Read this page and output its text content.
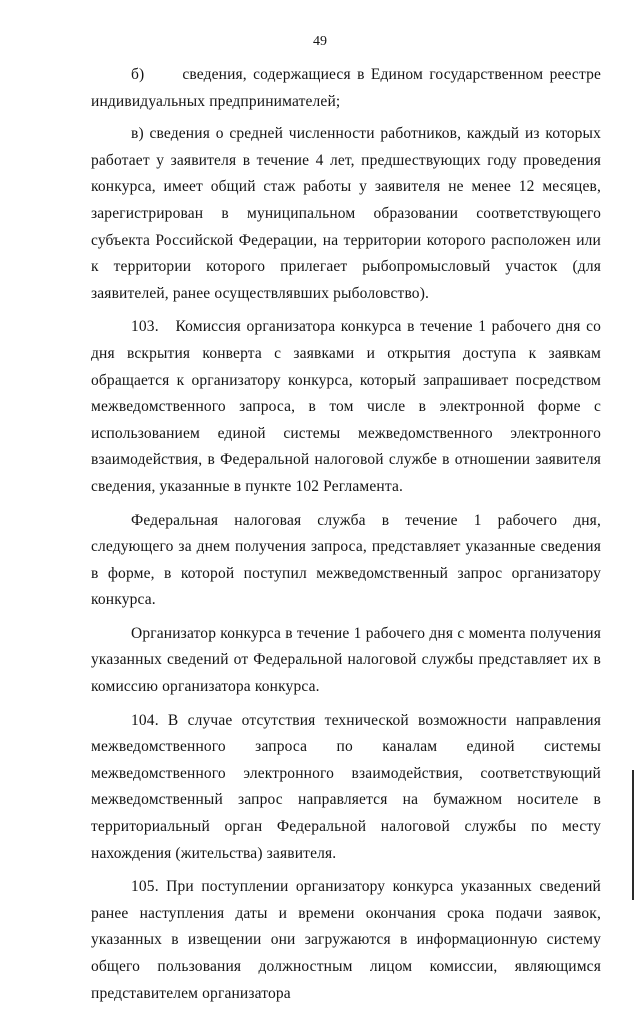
49

б)      сведения, содержащиеся в Едином государственном реестре индивидуальных предпринимателей;

в) сведения о средней численности работников, каждый из которых работает у заявителя в течение 4 лет, предшествующих году проведения конкурса, имеет общий стаж работы у заявителя не менее 12 месяцев, зарегистрирован в муниципальном образовании соответствующего субъекта Российской Федерации, на территории которого расположен или к территории которого прилегает рыбопромысловый участок (для заявителей, ранее осуществлявших рыболовство).

103.   Комиссия организатора конкурса в течение 1 рабочего дня со дня вскрытия конверта с заявками и открытия доступа к заявкам обращается к организатору конкурса, который запрашивает посредством межведомственного запроса, в том числе в электронной форме с использованием единой системы межведомственного электронного взаимодействия, в Федеральной налоговой службе в отношении заявителя сведения, указанные в пункте 102 Регламента.

Федеральная налоговая служба в течение 1 рабочего дня, следующего за днем получения запроса, представляет указанные сведения в форме, в которой поступил межведомственный запрос организатору конкурса.

Организатор конкурса в течение 1 рабочего дня с момента получения указанных сведений от Федеральной налоговой службы представляет их в комиссию организатора конкурса.

104. В случае отсутствия технической возможности направления межведомственного запроса по каналам единой системы межведомственного электронного взаимодействия, соответствующий межведомственный запрос направляется на бумажном носителе в территориальный орган Федеральной налоговой службы по месту нахождения (жительства) заявителя.

105. При поступлении организатору конкурса указанных сведений ранее наступления даты и времени окончания срока подачи заявок, указанных в извещении они загружаются в информационную систему общего пользования должностным лицом комиссии, являющимся представителем организатора
